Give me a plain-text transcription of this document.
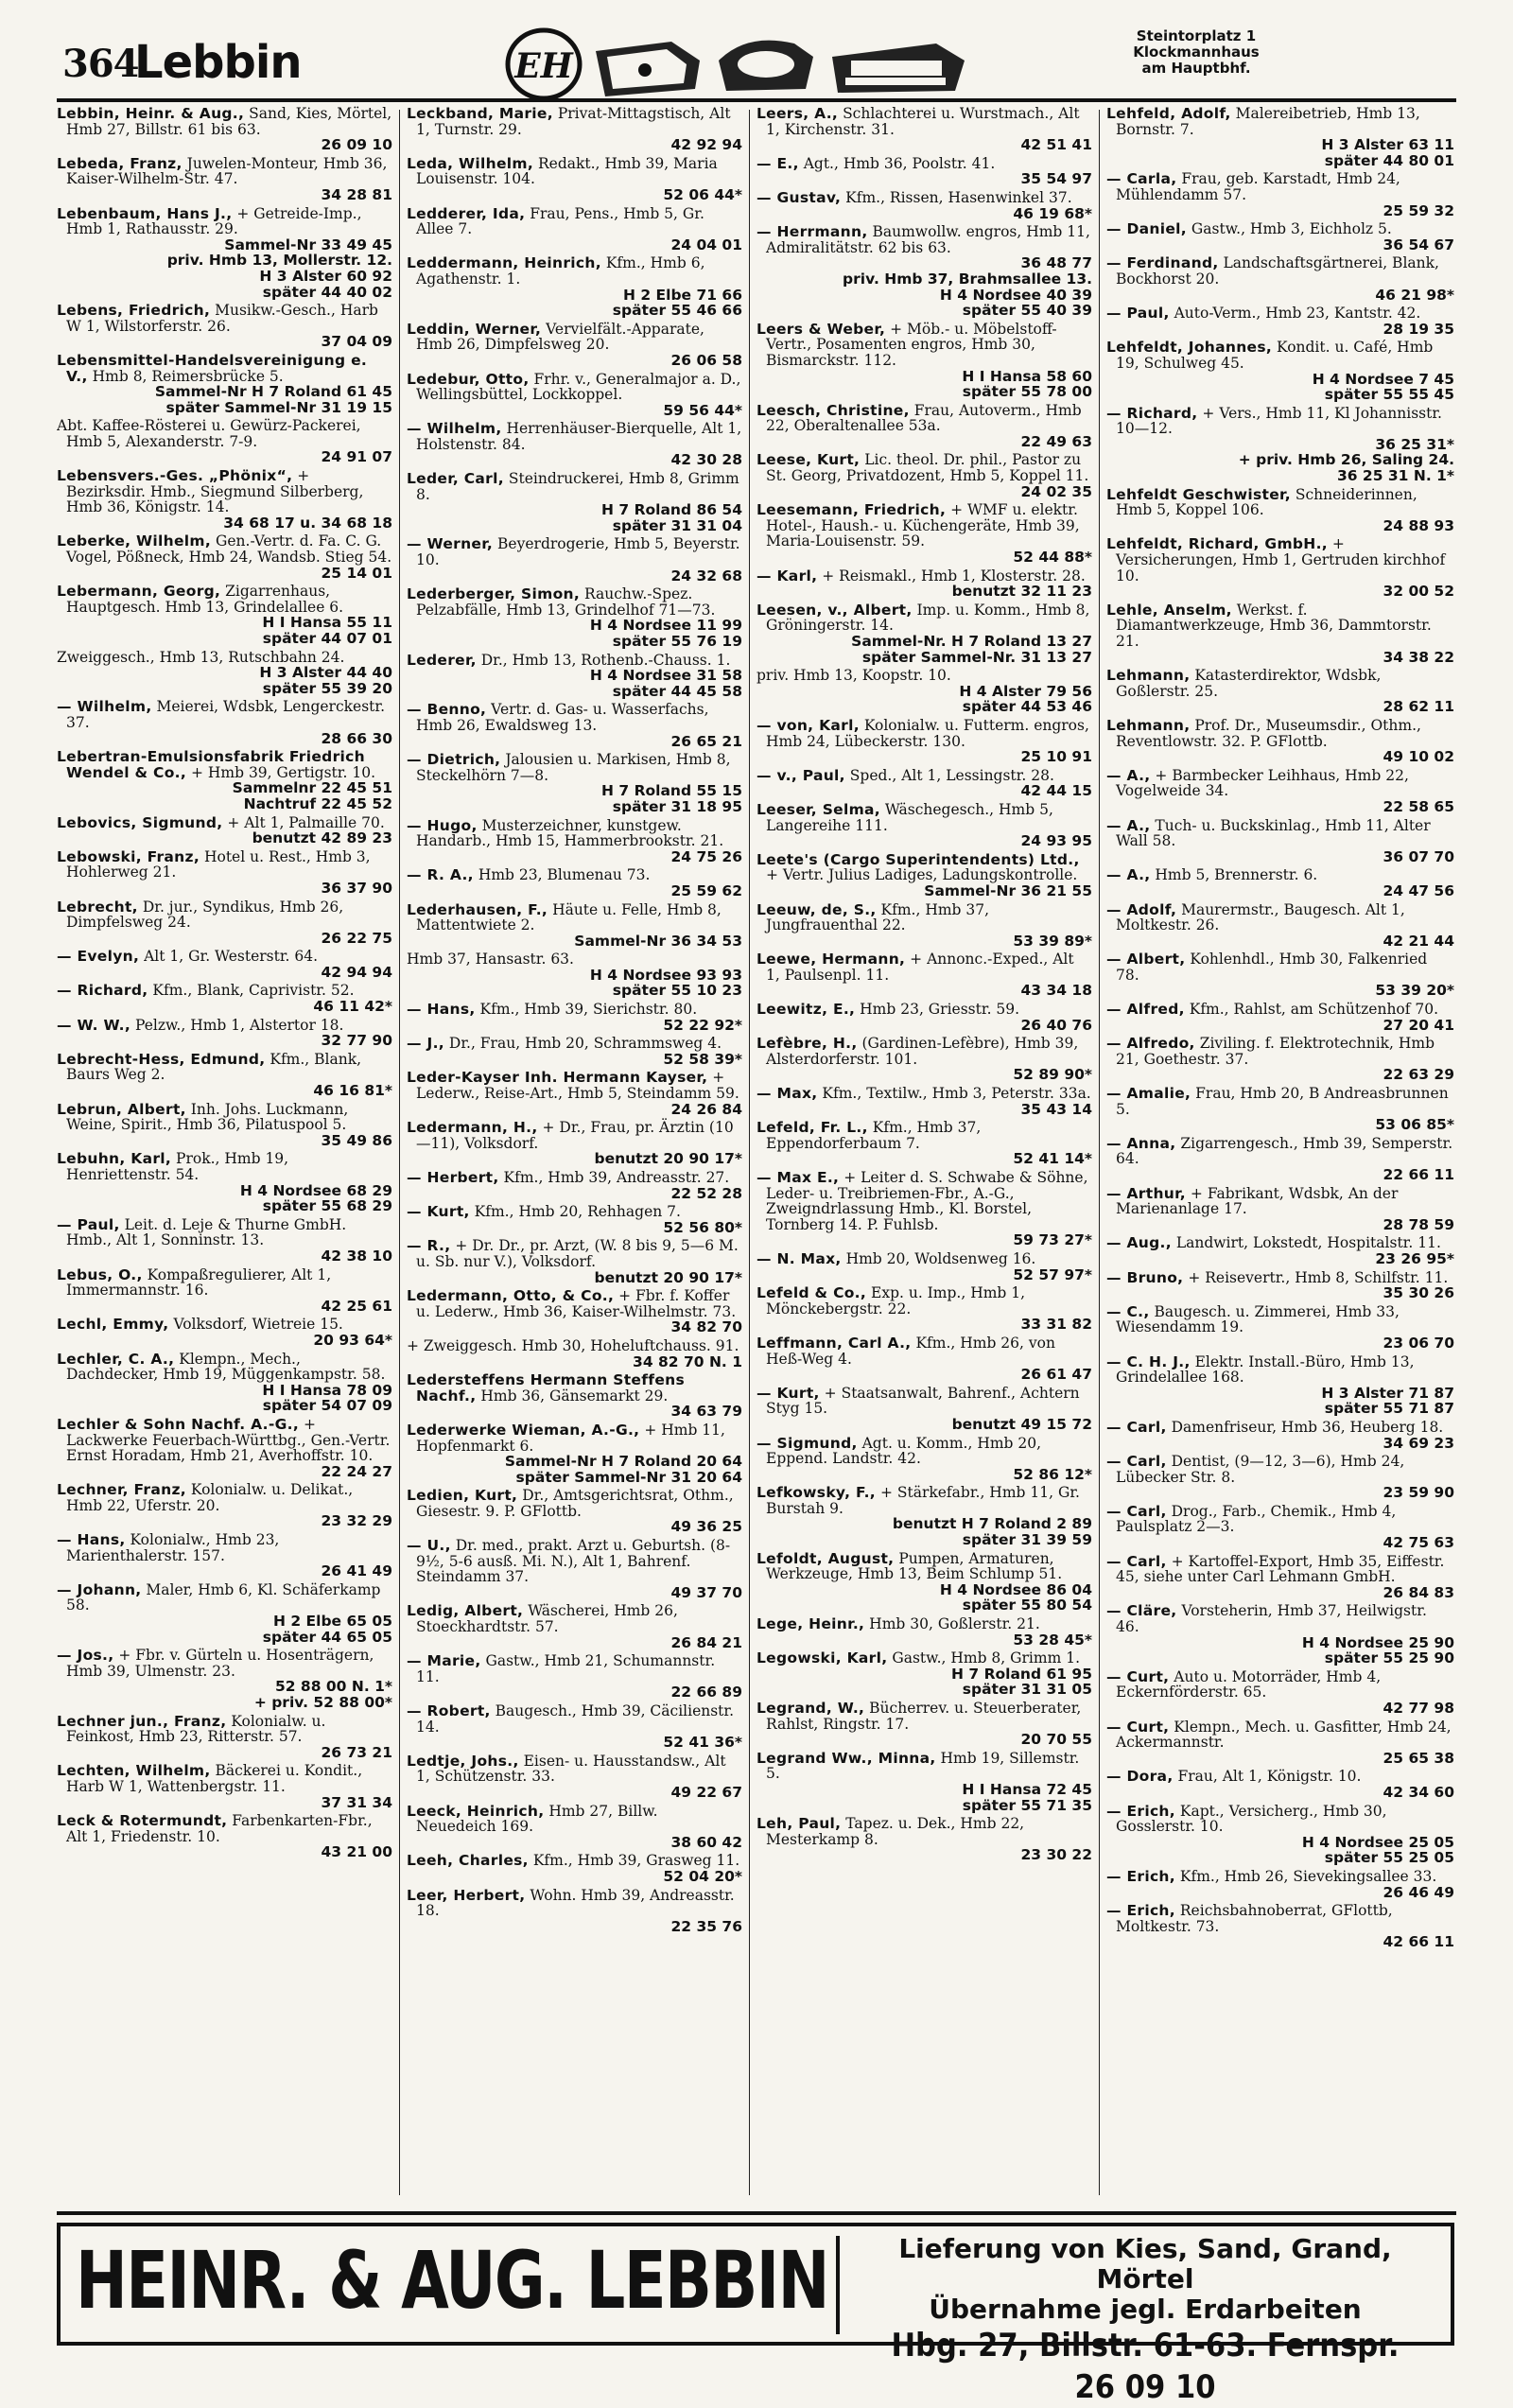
364
Lebbin	EH
Steintorplatz 1
Klockmannhaus
am Hauptbhf.
Lebbin, Heinr. & Aug., Sand, Kies, Mörtel, Hmb 27, Billstr. 61 bis 63.
26 09 10
Lebeda, Franz, Juwelen-Monteur, Hmb 36, Kaiser-Wilhelm-Str. 47.
34 28 81
Lebenbaum, Hans J., + Getreide-Imp., Hmb 1, Rathausstr. 29.
Sammel-Nr 33 49 45
priv. Hmb 13, Mollerstr. 12.
H 3 Alster 60 92
später 44 40 02
Lebens, Friedrich, Musikw.-Gesch., Harb W 1, Wilstorferstr. 26.
37 04 09
Lebensmittel-Handelsvereinigung e. V., Hmb 8, Reimersbrücke 5.
Sammel-Nr H 7 Roland 61 45
später Sammel-Nr 31 19 15
Abt. Kaffee-Rösterei u. Gewürz-Packerei, Hmb 5, Alexanderstr. 7-9.
24 91 07
Lebensvers.-Ges. „Phönix“, + Bezirksdir. Hmb., Siegmund Silberberg, Hmb 36, Königstr. 14.
34 68 17 u. 34 68 18
Leberke, Wilhelm, Gen.-Vertr. d. Fa. C. G. Vogel, Pößneck, Hmb 24, Wandsb. Stieg 54.
25 14 01
Lebermann, Georg, Zigarrenhaus, Hauptgesch. Hmb 13, Grindelallee 6.
H I Hansa 55 11
später 44 07 01
Zweiggesch., Hmb 13, Rutschbahn 24.
H 3 Alster 44 40
später 55 39 20
— Wilhelm, Meierei, Wdsbk, Lengerckestr. 37.
28 66 30
Lebertran-Emulsionsfabrik Friedrich Wendel & Co., + Hmb 39, Gertigstr. 10.
Sammelnr 22 45 51
Nachtruf 22 45 52
Lebovics, Sigmund, + Alt 1, Palmaille 70.
benutzt 42 89 23
Lebowski, Franz, Hotel u. Rest., Hmb 3, Hohlerweg 21.
36 37 90
Lebrecht, Dr. jur., Syndikus, Hmb 26, Dimpfelsweg 24.
26 22 75
— Evelyn, Alt 1, Gr. Westerstr. 64.
42 94 94
— Richard, Kfm., Blank, Caprivistr. 52.
46 11 42*
— W. W., Pelzw., Hmb 1, Alstertor 18.
32 77 90
Lebrecht-Hess, Edmund, Kfm., Blank, Baurs Weg 2.
46 16 81*
Lebrun, Albert, Inh. Johs. Luckmann, Weine, Spirit., Hmb 36, Pilatuspool 5.
35 49 86
Lebuhn, Karl, Prok., Hmb 19, Henriettenstr. 54.
H 4 Nordsee 68 29
später 55 68 29
— Paul, Leit. d. Leje & Thurne GmbH. Hmb., Alt 1, Sonninstr. 13.
42 38 10
Lebus, O., Kompaßregulierer, Alt 1, Immermannstr. 16.
42 25 61
Lechl, Emmy, Volksdorf, Wietreie 15.
20 93 64*
Lechler, C. A., Klempn., Mech., Dachdecker, Hmb 19, Müggenkampstr. 58.
H I Hansa 78 09
später 54 07 09
Lechler & Sohn Nachf. A.-G., + Lackwerke Feuerbach-Württbg., Gen.-Vertr. Ernst Horadam, Hmb 21, Averhoffstr. 10.
22 24 27
Lechner, Franz, Kolonialw. u. Delikat., Hmb 22, Uferstr. 20.
23 32 29
— Hans, Kolonialw., Hmb 23, Marienthalerstr. 157.
26 41 49
— Johann, Maler, Hmb 6, Kl. Schäferkamp 58.
H 2 Elbe 65 05
später 44 65 05
— Jos., + Fbr. v. Gürteln u. Hosenträgern, Hmb 39, Ulmenstr. 23.
52 88 00 N. 1*
+ priv. 52 88 00*
Lechner jun., Franz, Kolonialw. u. Feinkost, Hmb 23, Ritterstr. 57.
26 73 21
Lechten, Wilhelm, Bäckerei u. Kondit., Harb W 1, Wattenbergstr. 11.
37 31 34
Leck & Rotermundt, Farbenkarten-Fbr., Alt 1, Friedenstr. 10.
43 21 00
Leckband, Marie, Privat-Mittagstisch, Alt 1, Turnstr. 29.
42 92 94
Leda, Wilhelm, Redakt., Hmb 39, Maria Louisenstr. 104.
52 06 44*
Ledderer, Ida, Frau, Pens., Hmb 5, Gr. Allee 7.
24 04 01
Leddermann, Heinrich, Kfm., Hmb 6, Agathenstr. 1.
H 2 Elbe 71 66
später 55 46 66
Leddin, Werner, Vervielfält.-Apparate, Hmb 26, Dimpfelsweg 20.
26 06 58
Ledebur, Otto, Frhr. v., Generalmajor a. D., Wellingsbüttel, Lockkoppel.
59 56 44*
— Wilhelm, Herrenhäuser-Bierquelle, Alt 1, Holstenstr. 84.
42 30 28
Leder, Carl, Steindruckerei, Hmb 8, Grimm 8.
H 7 Roland 86 54
später 31 31 04
— Werner, Beyerdrogerie, Hmb 5, Beyerstr. 10.
24 32 68
Lederberger, Simon, Rauchw.-Spez. Pelzabfälle, Hmb 13, Grindelhof 71—73.
H 4 Nordsee 11 99
später 55 76 19
Lederer, Dr., Hmb 13, Rothenb.-Chauss. 1.
H 4 Nordsee 31 58
später 44 45 58
— Benno, Vertr. d. Gas- u. Wasserfachs, Hmb 26, Ewaldsweg 13.
26 65 21
— Dietrich, Jalousien u. Markisen, Hmb 8, Steckelhörn 7—8.
H 7 Roland 55 15
später 31 18 95
— Hugo, Musterzeichner, kunstgew. Handarb., Hmb 15, Hammerbrookstr. 21.
24 75 26
— R. A., Hmb 23, Blumenau 73.
25 59 62
Lederhausen, F., Häute u. Felle, Hmb 8, Mattentwiete 2.
Sammel-Nr 36 34 53
Hmb 37, Hansastr. 63.
H 4 Nordsee 93 93
später 55 10 23
— Hans, Kfm., Hmb 39, Sierichstr. 80.
52 22 92*
— J., Dr., Frau, Hmb 20, Schrammsweg 4.
52 58 39*
Leder-Kayser Inh. Hermann Kayser, + Lederw., Reise-Art., Hmb 5, Steindamm 59.
24 26 84
Ledermann, H., + Dr., Frau, pr. Ärztin (10—11), Volksdorf.
benutzt 20 90 17*
— Herbert, Kfm., Hmb 39, Andreasstr. 27.
22 52 28
— Kurt, Kfm., Hmb 20, Rehhagen 7.
52 56 80*
— R., + Dr. Dr., pr. Arzt, (W. 8 bis 9, 5—6 M. u. Sb. nur V.), Volksdorf.
benutzt 20 90 17*
Ledermann, Otto, & Co., + Fbr. f. Koffer u. Lederw., Hmb 36, Kaiser-Wilhelmstr. 73.
34 82 70
+ Zweiggesch. Hmb 30, Hoheluftchauss. 91.
34 82 70 N. 1
Ledersteffens Hermann Steffens Nachf., Hmb 36, Gänsemarkt 29.
34 63 79
Lederwerke Wieman, A.-G., + Hmb 11, Hopfenmarkt 6.
Sammel-Nr H 7 Roland 20 64
später Sammel-Nr 31 20 64
Ledien, Kurt, Dr., Amtsgerichtsrat, Othm., Giesestr. 9. P. GFlottb.
49 36 25
— U., Dr. med., prakt. Arzt u. Geburtsh. (8-9½, 5-6 ausß. Mi. N.), Alt 1, Bahrenf. Steindamm 37.
49 37 70
Ledig, Albert, Wäscherei, Hmb 26, Stoeckhardtstr. 57.
26 84 21
— Marie, Gastw., Hmb 21, Schumannstr. 11.
22 66 89
— Robert, Baugesch., Hmb 39, Cäcilienstr. 14.
52 41 36*
Ledtje, Johs., Eisen- u. Hausstandsw., Alt 1, Schützenstr. 33.
49 22 67
Leeck, Heinrich, Hmb 27, Billw. Neuedeich 169.
38 60 42
Leeh, Charles, Kfm., Hmb 39, Grasweg 11.
52 04 20*
Leer, Herbert, Wohn. Hmb 39, Andreasstr. 18.
22 35 76
Leers, A., Schlachterei u. Wurstmach., Alt 1, Kirchenstr. 31.
42 51 41
— E., Agt., Hmb 36, Poolstr. 41.
35 54 97
— Gustav, Kfm., Rissen, Hasenwinkel 37.
46 19 68*
— Herrmann, Baumwollw. engros, Hmb 11, Admiralitätstr. 62 bis 63.
36 48 77
priv. Hmb 37, Brahmsallee 13.
H 4 Nordsee 40 39
später 55 40 39
Leers & Weber, + Möb.- u. Möbelstoff-Vertr., Posamenten engros, Hmb 30, Bismarckstr. 112.
H I Hansa 58 60
später 55 78 00
Leesch, Christine, Frau, Autoverm., Hmb 22, Oberaltenallee 53a.
22 49 63
Leese, Kurt, Lic. theol. Dr. phil., Pastor zu St. Georg, Privatdozent, Hmb 5, Koppel 11.
24 02 35
Leesemann, Friedrich, + WMF u. elektr. Hotel-, Haush.- u. Küchengeräte, Hmb 39, Maria-Louisenstr. 59.
52 44 88*
— Karl, + Reismakl., Hmb 1, Klosterstr. 28.
benutzt 32 11 23
Leesen, v., Albert, Imp. u. Komm., Hmb 8, Gröningerstr. 14.
Sammel-Nr. H 7 Roland 13 27
später Sammel-Nr. 31 13 27
priv. Hmb 13, Koopstr. 10.
H 4 Alster 79 56
später 44 53 46
— von, Karl, Kolonialw. u. Futterm. engros, Hmb 24, Lübeckerstr. 130.
25 10 91
— v., Paul, Sped., Alt 1, Lessingstr. 28.
42 44 15
Leeser, Selma, Wäschegesch., Hmb 5, Langereihe 111.
24 93 95
Leete's (Cargo Superintendents) Ltd., + Vertr. Julius Ladiges, Ladungskontrolle.
Sammel-Nr 36 21 55
Leeuw, de, S., Kfm., Hmb 37, Jungfrauenthal 22.
53 39 89*
Leewe, Hermann, + Annonc.-Exped., Alt 1, Paulsenpl. 11.
43 34 18
Leewitz, E., Hmb 23, Griesstr. 59.
26 40 76
Lefèbre, H., (Gardinen-Lefèbre), Hmb 39, Alsterdorferstr. 101.
52 89 90*
— Max, Kfm., Textilw., Hmb 3, Peterstr. 33a.
35 43 14
Lefeld, Fr. L., Kfm., Hmb 37, Eppendorferbaum 7.
52 41 14*
— Max E., + Leiter d. S. Schwabe & Söhne, Leder- u. Treibriemen-Fbr., A.-G., Zweigndrlassung Hmb., Kl. Borstel, Tornberg 14. P. Fuhlsb.
59 73 27*
— N. Max, Hmb 20, Woldsenweg 16.
52 57 97*
Lefeld & Co., Exp. u. Imp., Hmb 1, Mönckebergstr. 22.
33 31 82
Leffmann, Carl A., Kfm., Hmb 26, von Heß-Weg 4.
26 61 47
— Kurt, + Staatsanwalt, Bahrenf., Achtern Styg 15.
benutzt 49 15 72
— Sigmund, Agt. u. Komm., Hmb 20, Eppend. Landstr. 42.
52 86 12*
Lefkowsky, F., + Stärkefabr., Hmb 11, Gr. Burstah 9.
benutzt H 7 Roland 2 89
später 31 39 59
Lefoldt, August, Pumpen, Armaturen, Werkzeuge, Hmb 13, Beim Schlump 51.
H 4 Nordsee 86 04
später 55 80 54
Lege, Heinr., Hmb 30, Goßlerstr. 21.
53 28 45*
Legowski, Karl, Gastw., Hmb 8, Grimm 1.
H 7 Roland 61 95
später 31 31 05
Legrand, W., Bücherrev. u. Steuerberater, Rahlst, Ringstr. 17.
20 70 55
Legrand Ww., Minna, Hmb 19, Sillemstr. 5.
H I Hansa 72 45
später 55 71 35
Leh, Paul, Tapez. u. Dek., Hmb 22, Mesterkamp 8.
23 30 22
Lehfeld, Adolf, Malereibetrieb, Hmb 13, Bornstr. 7.
H 3 Alster 63 11
später 44 80 01
— Carla, Frau, geb. Karstadt, Hmb 24, Mühlendamm 57.
25 59 32
— Daniel, Gastw., Hmb 3, Eichholz 5.
36 54 67
— Ferdinand, Landschaftsgärtnerei, Blank, Bockhorst 20.
46 21 98*
— Paul, Auto-Verm., Hmb 23, Kantstr. 42.
28 19 35
Lehfeldt, Johannes, Kondit. u. Café, Hmb 19, Schulweg 45.
H 4 Nordsee 7 45
später 55 55 45
— Richard, + Vers., Hmb 11, Kl Johannisstr. 10—12.
36 25 31*
+ priv. Hmb 26, Saling 24.
36 25 31 N. 1*
Lehfeldt Geschwister, Schneiderinnen, Hmb 5, Koppel 106.
24 88 93
Lehfeldt, Richard, GmbH., + Versicherungen, Hmb 1, Gertruden kirchhof 10.
32 00 52
Lehle, Anselm, Werkst. f. Diamantwerkzeuge, Hmb 36, Dammtorstr. 21.
34 38 22
Lehmann, Katasterdirektor, Wdsbk, Goßlerstr. 25.
28 62 11
Lehmann, Prof. Dr., Museumsdir., Othm., Reventlowstr. 32. P. GFlottb.
49 10 02
— A., + Barmbecker Leihhaus, Hmb 22, Vogelweide 34.
22 58 65
— A., Tuch- u. Buckskinlag., Hmb 11, Alter Wall 58.
36 07 70
— A., Hmb 5, Brennerstr. 6.
24 47 56
— Adolf, Maurermstr., Baugesch. Alt 1, Moltkestr. 26.
42 21 44
— Albert, Kohlenhdl., Hmb 30, Falkenried 78.
53 39 20*
— Alfred, Kfm., Rahlst, am Schützenhof 70.
27 20 41
— Alfredo, Ziviling. f. Elektrotechnik, Hmb 21, Goethestr. 37.
22 63 29
— Amalie, Frau, Hmb 20, B Andreasbrunnen 5.
53 06 85*
— Anna, Zigarrengesch., Hmb 39, Semperstr. 64.
22 66 11
— Arthur, + Fabrikant, Wdsbk, An der Marienanlage 17.
28 78 59
— Aug., Landwirt, Lokstedt, Hospitalstr. 11.
23 26 95*
— Bruno, + Reisevertr., Hmb 8, Schilfstr. 11.
35 30 26
— C., Baugesch. u. Zimmerei, Hmb 33, Wiesendamm 19.
23 06 70
— C. H. J., Elektr. Install.-Büro, Hmb 13, Grindelallee 168.
H 3 Alster 71 87
später 55 71 87
— Carl, Damenfriseur, Hmb 36, Heuberg 18.
34 69 23
— Carl, Dentist, (9—12, 3—6), Hmb 24, Lübecker Str. 8.
23 59 90
— Carl, Drog., Farb., Chemik., Hmb 4, Paulsplatz 2—3.
42 75 63
— Carl, + Kartoffel-Export, Hmb 35, Eiffestr. 45, siehe unter Carl Lehmann GmbH.
26 84 83
— Cläre, Vorsteherin, Hmb 37, Heilwigstr. 46.
H 4 Nordsee 25 90
später 55 25 90
— Curt, Auto u. Motorräder, Hmb 4, Eckernförderstr. 65.
42 77 98
— Curt, Klempn., Mech. u. Gasfitter, Hmb 24, Ackermannstr.
25 65 38
— Dora, Frau, Alt 1, Königstr. 10.
42 34 60
— Erich, Kapt., Versicherg., Hmb 30, Gosslerstr. 10.
H 4 Nordsee 25 05
später 55 25 05
— Erich, Kfm., Hmb 26, Sievekingsallee 33.
26 46 49
— Erich, Reichsbahnoberrat, GFlottb, Moltkestr. 73.
42 66 11
HEINR. & AUG. LEBBIN	Lieferung von Kies, Sand, Grand, Mörtel
Übernahme jegl. Erdarbeiten
Hbg. 27, Billstr. 61-63. Fernspr. 26 09 10
